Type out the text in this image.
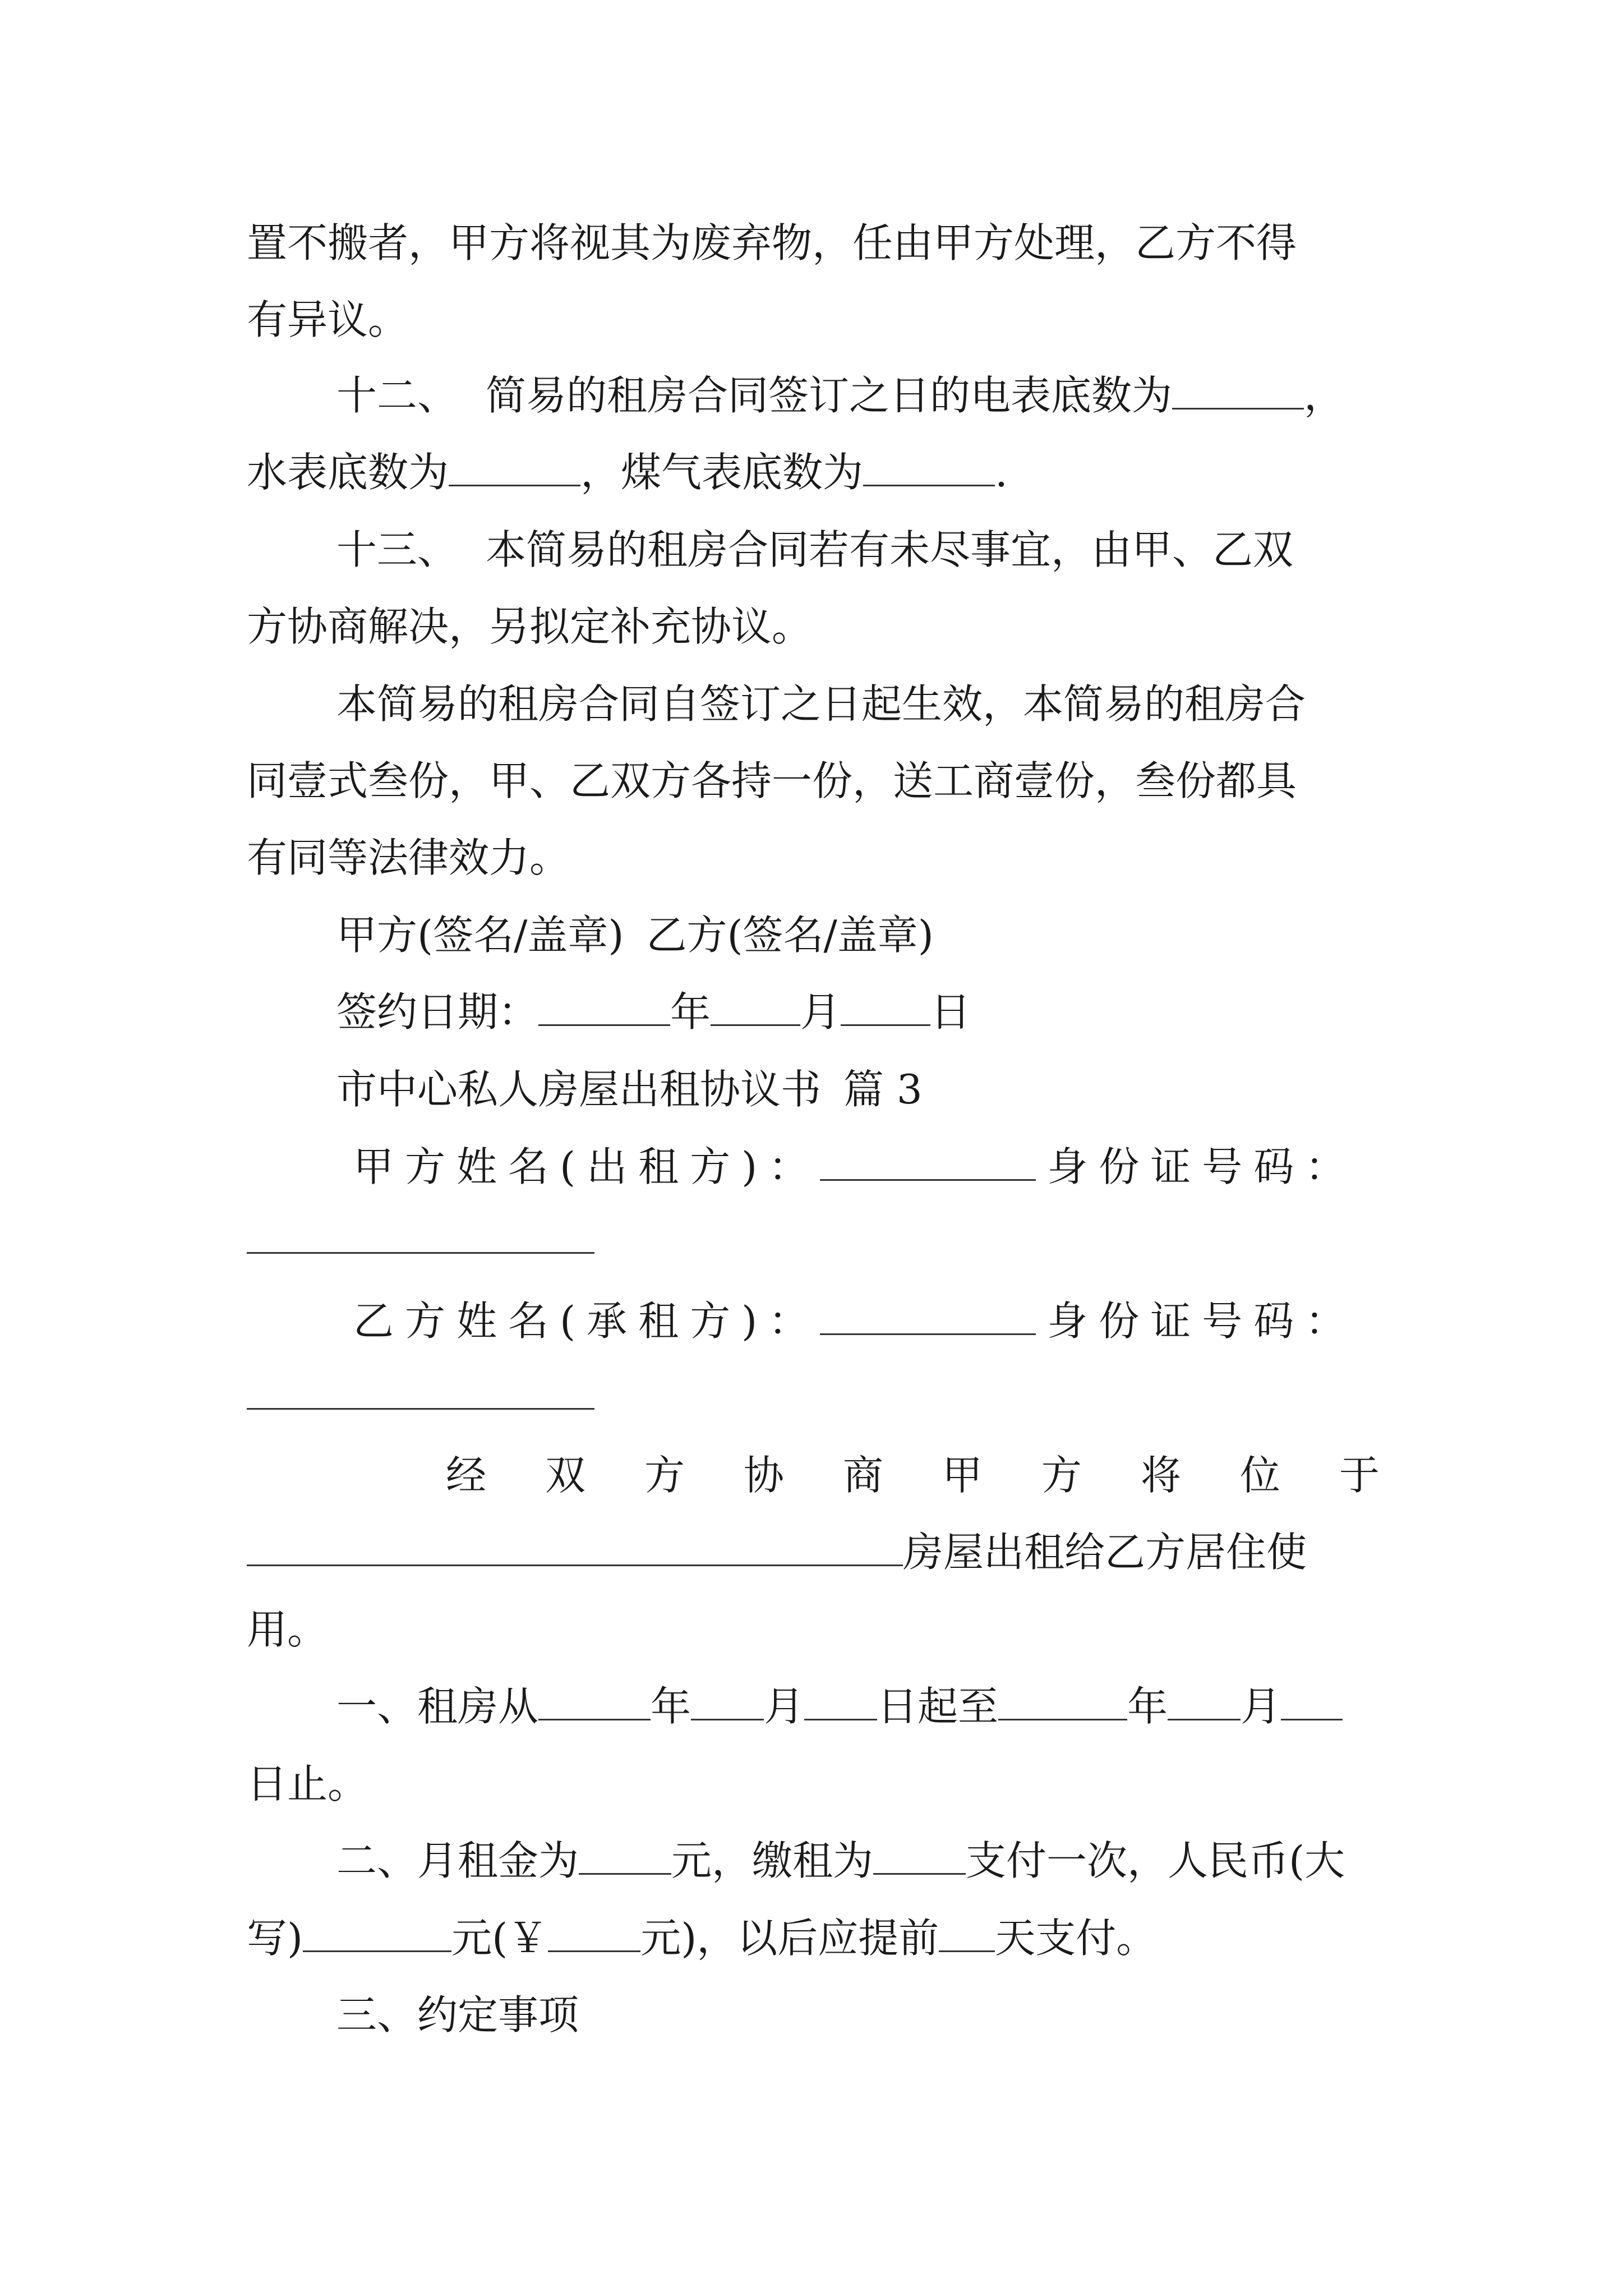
置不搬者，甲方将视其为废弃物，任由甲方处理，乙方不得
有异议。
十二、 简易的租房合同签订之日的电表底数为	，
水表底数为	，煤气表底数为	.
十三、 本简易的租房合同若有未尽事宜，由甲、乙双
方协商解决，另拟定补充协议。
本简易的租房合同自签订之日起生效，本简易的租房合
同壹式叁份，甲、乙双方各持一份，送工商壹份，叁份都具
有同等法律效力。
甲方(签名/盖章) 乙方(签名/盖章)
签约日期：	年 月 日
市中心私人房屋出租协议书 篇 3
甲方姓名(出租方)：	身份证号码：
乙方姓名(承租方)：	身份证号码：
经 双 方 协 商 甲 方 将 位 于
房屋出租给乙方居住使
用。
一、租房从	年 月 日起至	年 月
日止。
二、月租金为 元，缴租为 支付一次，人民币(大
写)	元(￥ 元)，以后应提前 天支付。
三、约定事项
